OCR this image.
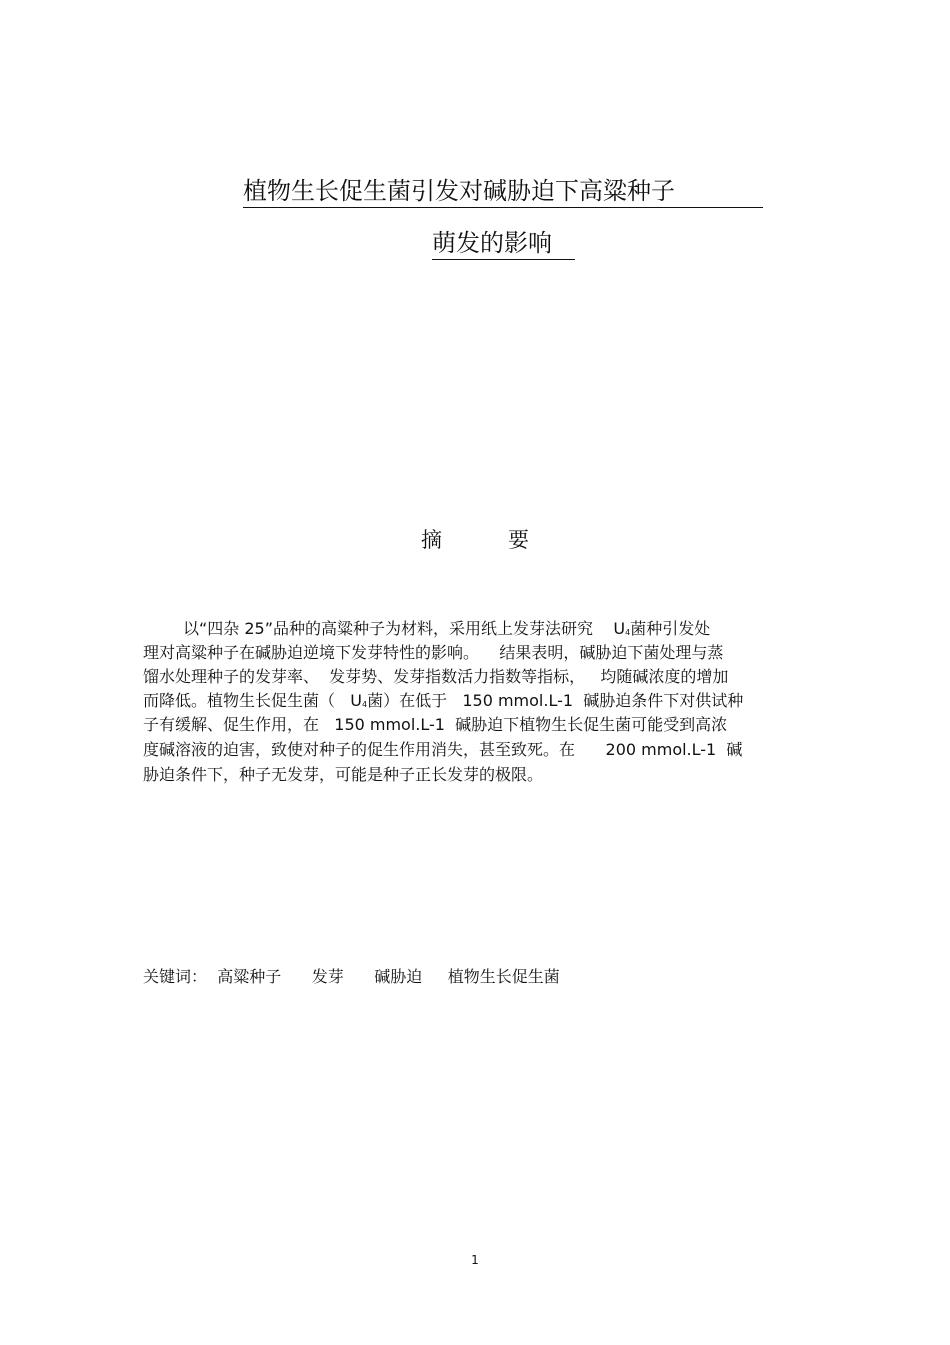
植物生长促生菌引发对碱胁迫下高粱种子
萌发的影响
摘要
以“四杂 25”品种的高粱种子为材料，采用纸上发芽法研究    U4菌种引发处
理对高粱种子在碱胁迫逆境下发芽特性的影响。    结果表明，碱胁迫下菌处理与蒸
馏水处理种子的发芽率、  发芽势、发芽指数活力指数等指标，   均随碱浓度的增加
而降低。植物生长促生菌（   U4菌）在低于   150 mmol.L-1  碱胁迫条件下对供试种
子有缓解、促生作用，在   150 mmol.L-1  碱胁迫下植物生长促生菌可能受到高浓
度碱溶液的迫害，致使对种子的促生作用消失，甚至致死。在      200 mmol.L-1  碱
胁迫条件下，种子无发芽，可能是种子正长发芽的极限。
关键词： 高粱种子 发芽 碱胁迫 植物生长促生菌
1
